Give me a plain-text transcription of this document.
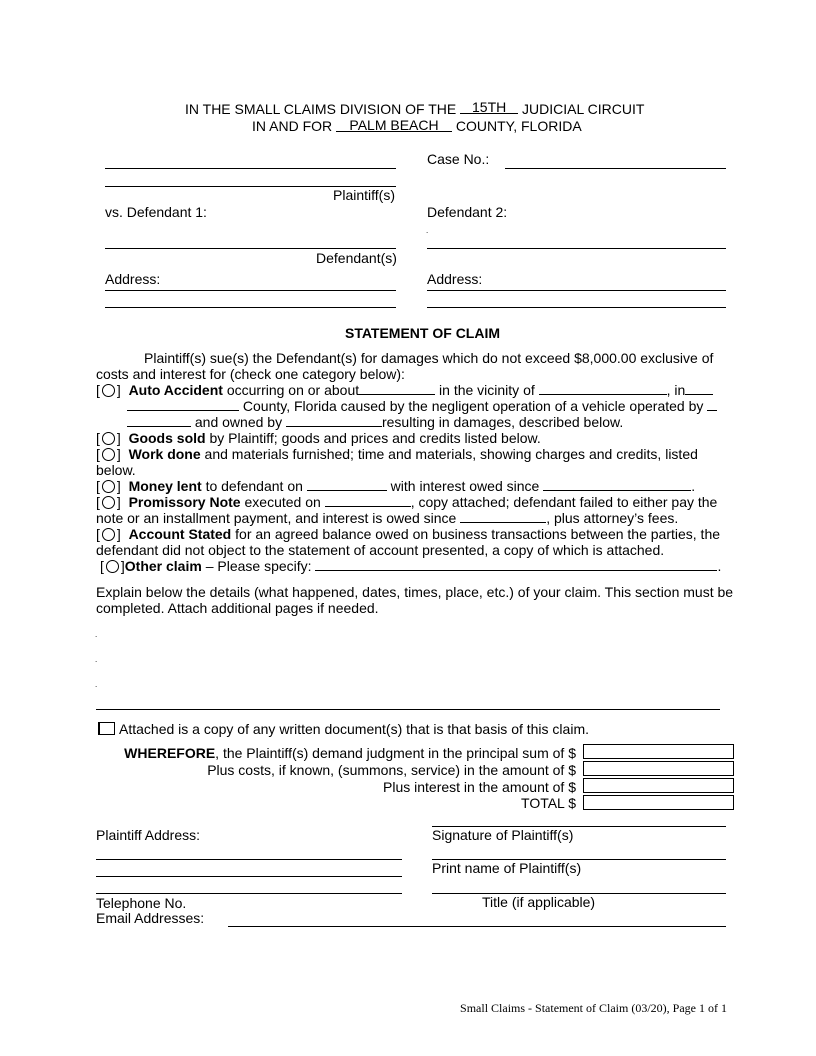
IN THE SMALL CLAIMS DIVISION OF THE 15TH JUDICIAL CIRCUIT
IN AND FOR PALM BEACH COUNTY, FLORIDA
Plaintiff(s)
vs. Defendant 1:
Defendant(s)
Address:
Case No.:
Defendant 2:
.
Address:
STATEMENT OF CLAIM
Plaintiff(s) sue(s) the Defendant(s) for damages which do not exceed $8,000.00 exclusive of costs and interest for (check one category below):
[ ]  Auto Accident occurring on or about	in the vicinity of	, in
County, Florida caused by the negligent operation of a vehicle operated by
and owned by	resulting in damages, described below.
[ ]  Goods sold by Plaintiff; goods and prices and credits listed below.
[ ]  Work done and materials furnished; time and materials, showing charges and credits, listed below.
[ ]  Money lent to defendant on	with interest owed since	.
[ ]  Promissory Note executed on	, copy attached; defendant failed to either pay the note or an installment payment, and interest is owed since	, plus attorney’s fees.
[ ]  Account Stated for an agreed balance owed on business transactions between the parties, the defendant did not object to the statement of account presented, a copy of which is attached.
[ ]Other claim – Please specify:	.
Explain below the details (what happened, dates, times, place, etc.) of your claim. This section must be completed. Attach additional pages if needed.
.
.
.
Attached is a copy of any written document(s) that is that basis of this claim.
WHEREFORE, the Plaintiff(s) demand judgment in the principal sum of $
Plus costs, if known, (summons, service) in the amount of $
Plus interest in the amount of $
TOTAL $
Plaintiff Address:	Signature of Plaintiff(s)
Print name of Plaintiff(s)
Telephone No.	Title (if applicable)
Email Addresses:
Small Claims - Statement of Claim (03/20), Page 1 of 1
